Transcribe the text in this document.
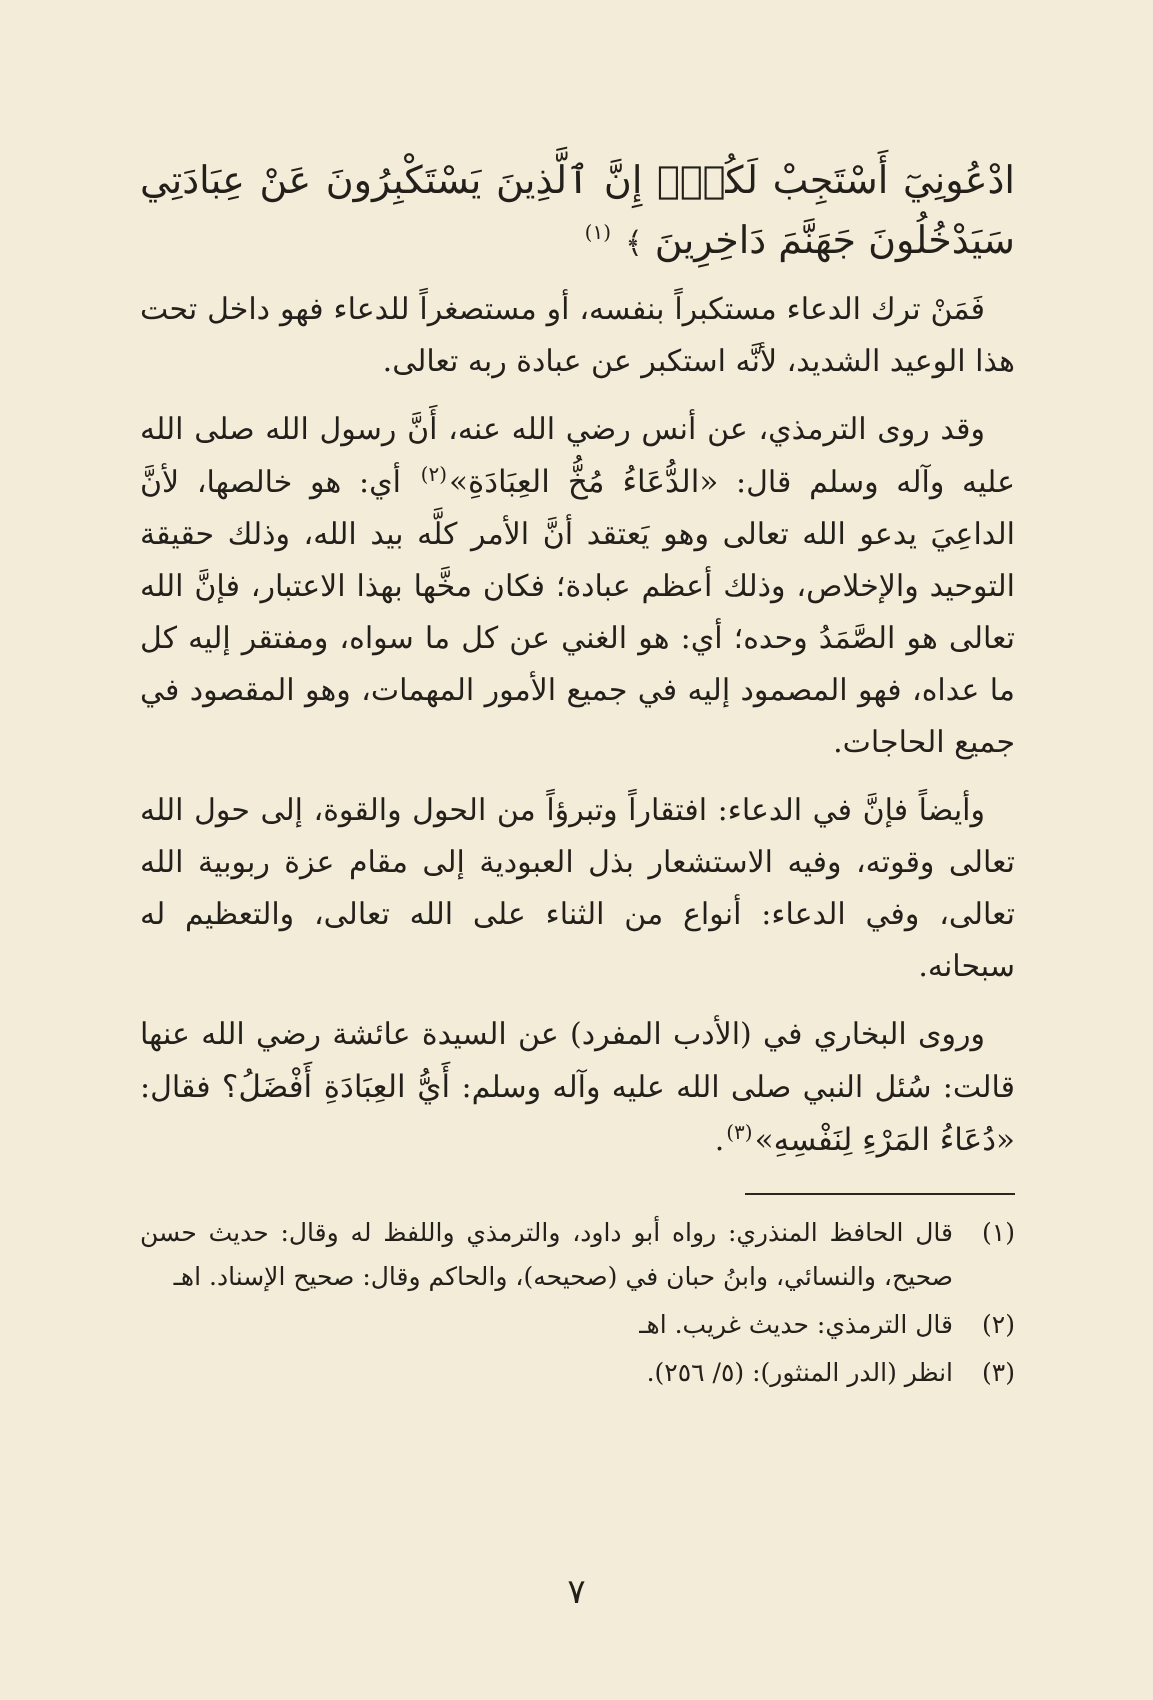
ادْعُونِيٓ أَسْتَجِبْ لَكُمْۚ إِنَّ ٱلَّذِينَ يَسْتَكْبِرُونَ عَنْ عِبَادَتِي سَيَدْخُلُونَ جَهَنَّمَ دَاخِرِينَ ﴾ $^{(١)}$

فَمَنْ ترك الدعاء مستكبراً بنفسه، أو مستصغراً للدعاء فهو داخل تحت هذا الوعيد الشديد، لأنَّه استكبر عن عبادة ربه تعالى.

وقد روى الترمذي، عن أنس رضي الله عنه، أَنَّ رسول الله صلى الله عليه وآله وسلم قال: «الدُّعَاءُ مُخُّ العِبَادَةِ»$^{(٢)}$ أي: هو خالصها، لأنَّ الداعِيَ يدعو الله تعالى وهو يَعتقد أنَّ الأمر كلَّه بيد الله، وذلك حقيقة التوحيد والإخلاص، وذلك أعظم عبادة؛ فكان مخَّها بهذا الاعتبار، فإنَّ الله تعالى هو الصَّمَدُ وحده؛ أي: هو الغني عن كل ما سواه، ومفتقر إليه كل ما عداه، فهو المصمود إليه في جميع الأمور المهمات، وهو المقصود في جميع الحاجات.

وأيضاً فإنَّ في الدعاء: افتقاراً وتبرؤاً من الحول والقوة، إلى حول الله تعالى وقوته، وفيه الاستشعار بذل العبودية إلى مقام عزة ربوبية الله تعالى، وفي الدعاء: أنواع من الثناء على الله تعالى، والتعظيم له سبحانه.

وروى البخاري في (الأدب المفرد) عن السيدة عائشة رضي الله عنها قالت: سُئل النبي صلى الله عليه وآله وسلم: أَيُّ العِبَادَةِ أَفْضَلُ؟ فقال: «دُعَاءُ المَرْءِ لِنَفْسِهِ»$^{(٣)}$.

(١)
قال الحافظ المنذري: رواه أبو داود، والترمذي واللفظ له وقال: حديث حسن صحيح، والنسائي، وابنُ حبان في (صحيحه)، والحاكم وقال: صحيح الإسناد. اهـ
(٢)
قال الترمذي: حديث غريب. اهـ
(٣)
انظر (الدر المنثور): (٥/ ٢٥٦).
٧
